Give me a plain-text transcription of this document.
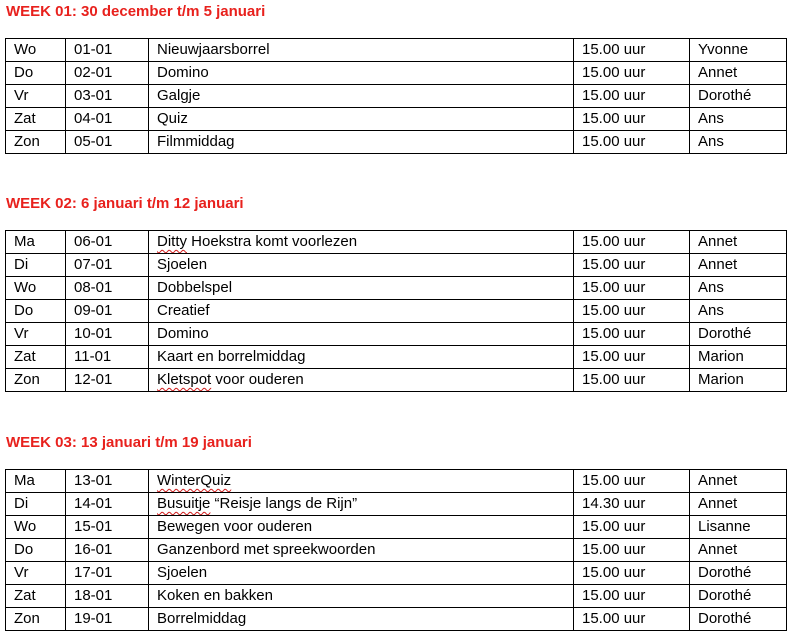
WEEK 01: 30 december t/m 5 januari
Wo	01-01	Nieuwjaarsborrel	15.00 uur	Yvonne
Do	02-01	Domino	15.00 uur	Annet
Vr	03-01	Galgje	15.00 uur	Dorothé
Zat	04-01	Quiz	15.00 uur	Ans
Zon	05-01	Filmmiddag	15.00 uur	Ans
WEEK 02: 6 januari t/m 12 januari
Ma	06-01	Ditty Hoekstra komt voorlezen	15.00 uur	Annet
Di	07-01	Sjoelen	15.00 uur	Annet
Wo	08-01	Dobbelspel	15.00 uur	Ans
Do	09-01	Creatief	15.00 uur	Ans
Vr	10-01	Domino	15.00 uur	Dorothé
Zat	11-01	Kaart en borrelmiddag	15.00 uur	Marion
Zon	12-01	Kletspot voor ouderen	15.00 uur	Marion
WEEK 03: 13 januari t/m 19 januari
Ma	13-01	WinterQuiz	15.00 uur	Annet
Di	14-01	Busuitje “Reisje langs de Rijn”	14.30 uur	Annet
Wo	15-01	Bewegen voor ouderen	15.00 uur	Lisanne
Do	16-01	Ganzenbord met spreekwoorden	15.00 uur	Annet
Vr	17-01	Sjoelen	15.00 uur	Dorothé
Zat	18-01	Koken en bakken	15.00 uur	Dorothé
Zon	19-01	Borrelmiddag	15.00 uur	Dorothé
